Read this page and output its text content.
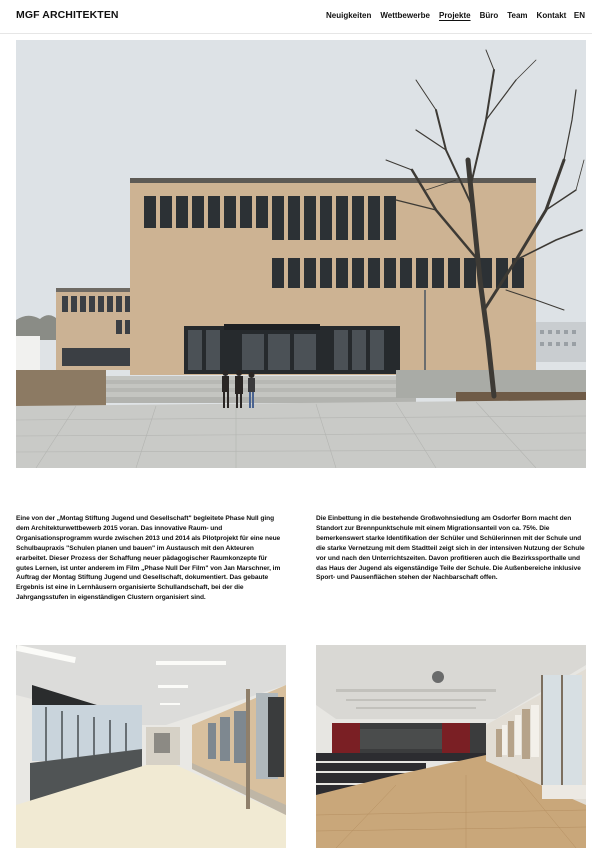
MGF ARCHITEKTEN	Neuigkeiten Wettbewerbe Projekte Büro Team Kontakt EN
Eine von der „Montag Stiftung Jugend und Gesellschaft" begleitete Phase Null ging dem Architekturwettbewerb 2015 voran. Das innovative Raum- und Organisationsprogramm wurde zwischen 2013 und 2014 als Pilotprojekt für eine neue Schulbaupraxis "Schulen planen und bauen" im Austausch mit den Akteuren erarbeitet. Dieser Prozess der Schaffung neuer pädagogischer Raumkonzepte für gutes Lernen, ist unter anderem im Film „Phase Null Der Film" von Jan Marschner, im Auftrag der Montag Stiftung Jugend und Gesellschaft, dokumentiert. Das gebaute Ergebnis ist eine in Lernhäusern organisierte Schullandschaft, bei der die Jahrgangsstufen in eigenständigen Clustern organisiert sind.
Die Einbettung in die bestehende Großwohnsiedlung am Osdorfer Born macht den Standort zur Brennpunktschule mit einem Migrationsanteil von ca. 75%. Die bemerkenswert starke Identifikation der Schüler und Schülerinnen mit der Schule und die starke Vernetzung mit dem Stadtteil zeigt sich in der intensiven Nutzung der Schule vor und nach den Unterrichtszeiten. Davon profitieren auch die Bezirkssporthalle und das Haus der Jugend als eigenständige Teile der Schule. Die Außenbereiche inklusive Sport- und Pausenflächen stehen der Nachbarschaft offen.
